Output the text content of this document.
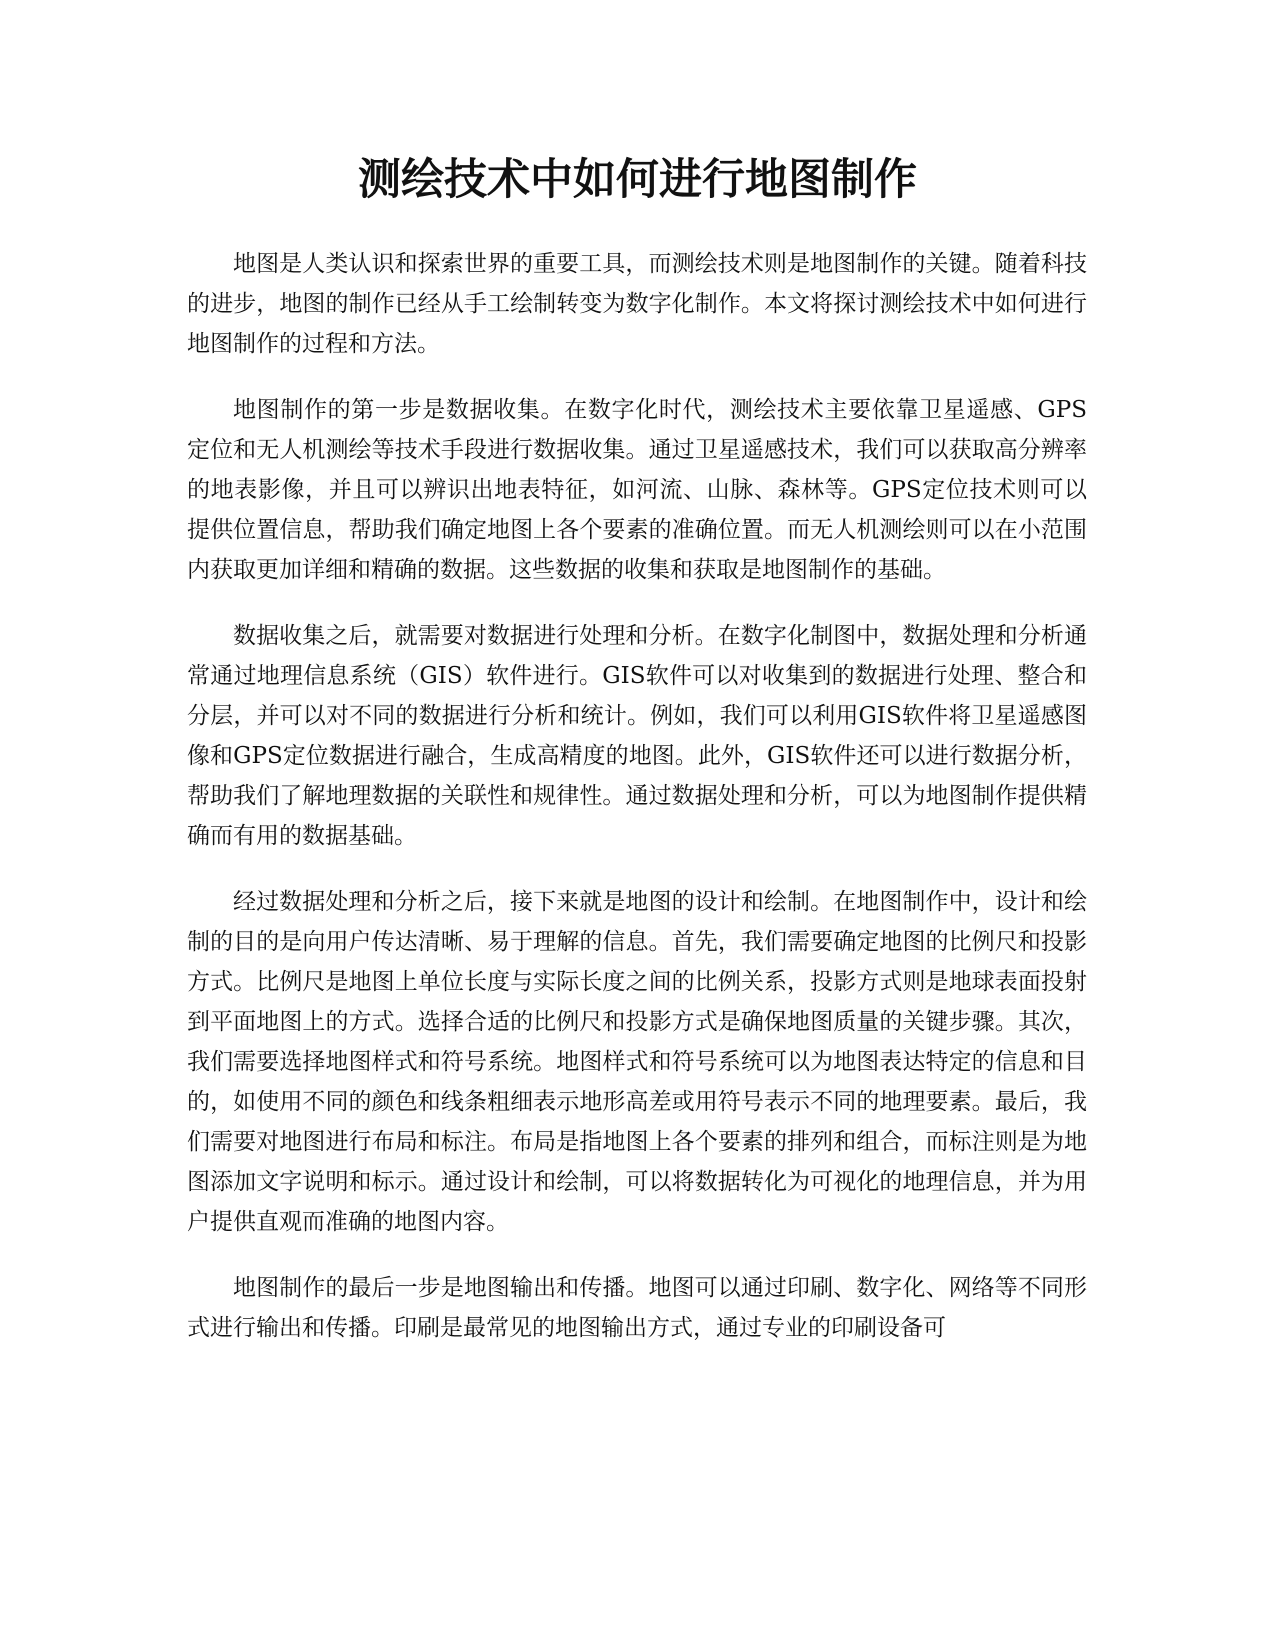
测绘技术中如何进行地图制作

地图是人类认识和探索世界的重要工具，而测绘技术则是地图制作的关键。随着科技的进步，地图的制作已经从手工绘制转变为数字化制作。本文将探讨测绘技术中如何进行地图制作的过程和方法。

地图制作的第一步是数据收集。在数字化时代，测绘技术主要依靠卫星遥感、GPS定位和无人机测绘等技术手段进行数据收集。通过卫星遥感技术，我们可以获取高分辨率的地表影像，并且可以辨识出地表特征，如河流、山脉、森林等。GPS定位技术则可以提供位置信息，帮助我们确定地图上各个要素的准确位置。而无人机测绘则可以在小范围内获取更加详细和精确的数据。这些数据的收集和获取是地图制作的基础。

数据收集之后，就需要对数据进行处理和分析。在数字化制图中，数据处理和分析通常通过地理信息系统（GIS）软件进行。GIS软件可以对收集到的数据进行处理、整合和分层，并可以对不同的数据进行分析和统计。例如，我们可以利用GIS软件将卫星遥感图像和GPS定位数据进行融合，生成高精度的地图。此外，GIS软件还可以进行数据分析，帮助我们了解地理数据的关联性和规律性。通过数据处理和分析，可以为地图制作提供精确而有用的数据基础。

经过数据处理和分析之后，接下来就是地图的设计和绘制。在地图制作中，设计和绘制的目的是向用户传达清晰、易于理解的信息。首先，我们需要确定地图的比例尺和投影方式。比例尺是地图上单位长度与实际长度之间的比例关系，投影方式则是地球表面投射到平面地图上的方式。选择合适的比例尺和投影方式是确保地图质量的关键步骤。其次，我们需要选择地图样式和符号系统。地图样式和符号系统可以为地图表达特定的信息和目的，如使用不同的颜色和线条粗细表示地形高差或用符号表示不同的地理要素。最后，我们需要对地图进行布局和标注。布局是指地图上各个要素的排列和组合，而标注则是为地图添加文字说明和标示。通过设计和绘制，可以将数据转化为可视化的地理信息，并为用户提供直观而准确的地图内容。

地图制作的最后一步是地图输出和传播。地图可以通过印刷、数字化、网络等不同形式进行输出和传播。印刷是最常见的地图输出方式，通过专业的印刷设备可
